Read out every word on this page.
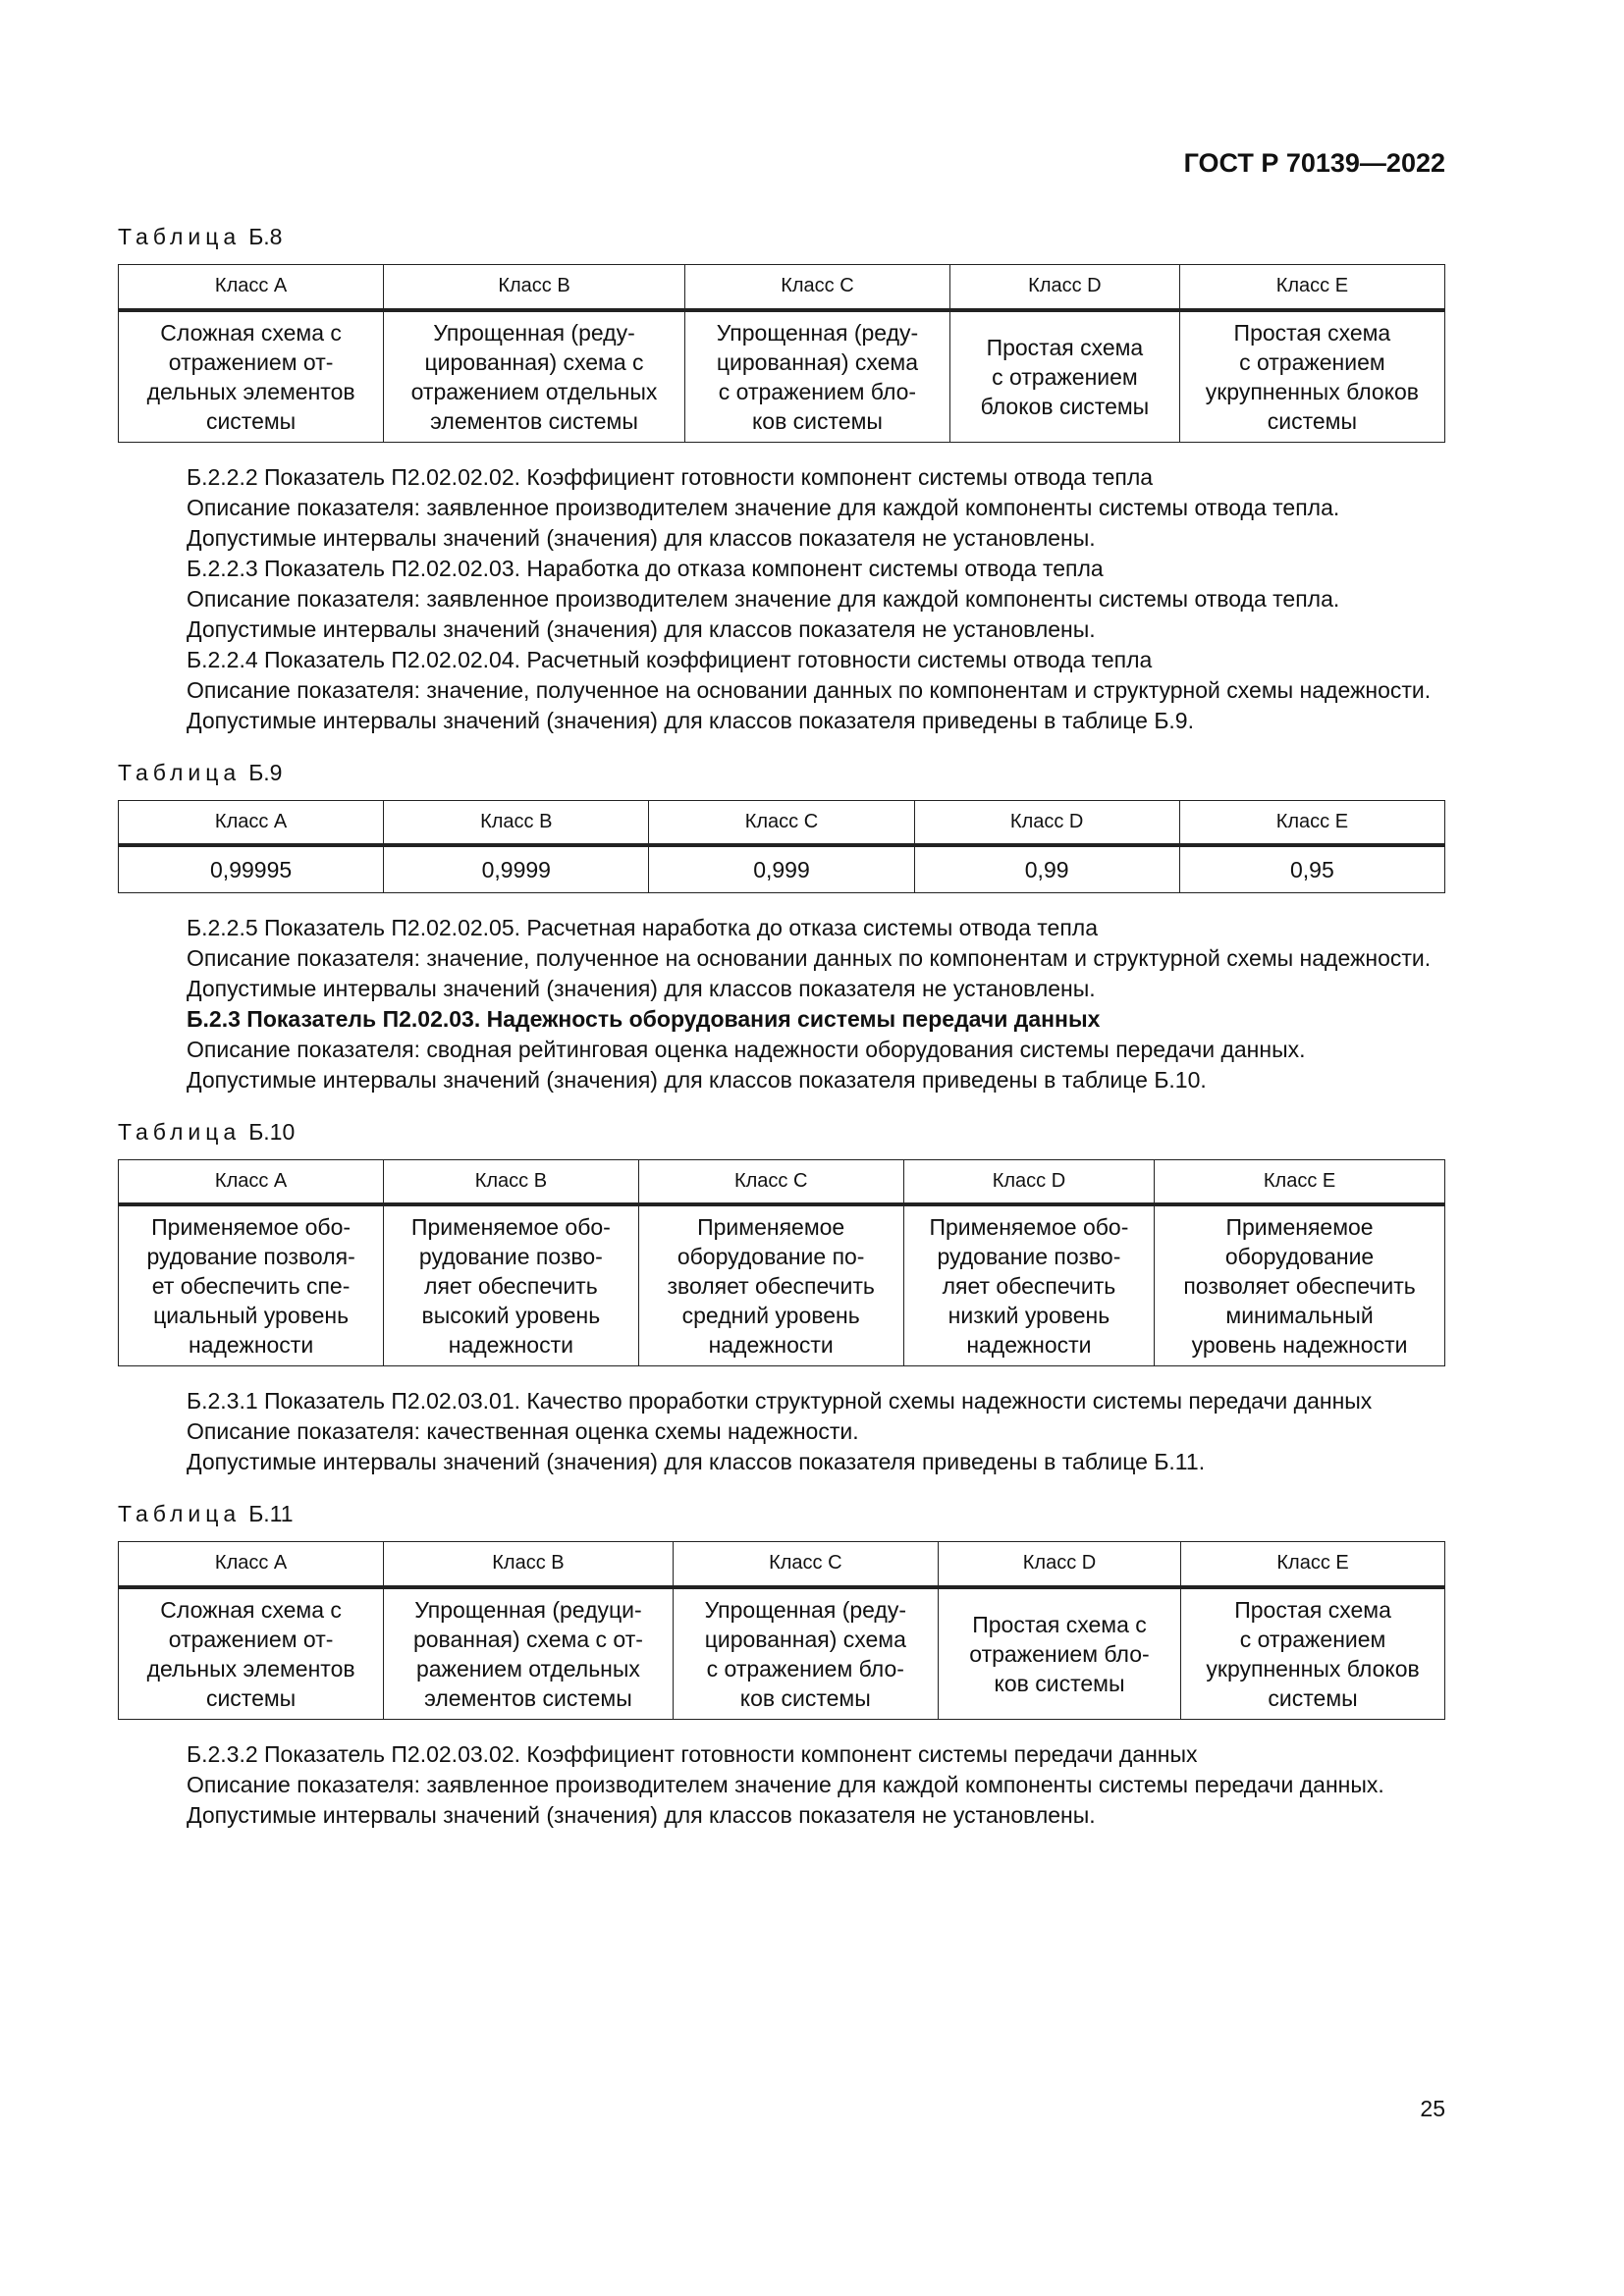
ГОСТ Р 70139—2022
Таблица Б.8
Класс A	Класс B	Класс C	Класс D	Класс E
Сложная схема с
отражением от-
дельных элементов
системы	Упрощенная (реду-
цированная) схема с
отражением отдельных
элементов системы	Упрощенная (реду-
цированная) схема
с отражением бло-
ков системы	Простая схема
с отражением
блоков системы	Простая схема
с отражением
укрупненных блоков
системы

Б.2.2.2 Показатель П2.02.02.02. Коэффициент готовности компонент системы отвода тепла

Описание показателя: заявленное производителем значение для каждой компоненты системы отвода тепла.

Допустимые интервалы значений (значения) для классов показателя не установлены.

Б.2.2.3 Показатель П2.02.02.03. Наработка до отказа компонент системы отвода тепла

Описание показателя: заявленное производителем значение для каждой компоненты системы отвода тепла.

Допустимые интервалы значений (значения) для классов показателя не установлены.

Б.2.2.4 Показатель П2.02.02.04. Расчетный коэффициент готовности системы отвода тепла

Описание показателя: значение, полученное на основании данных по компонентам и структурной схемы надежности.

Допустимые интервалы значений (значения) для классов показателя приведены в таблице Б.9.

Таблица Б.9
Класс A	Класс B	Класс C	Класс D	Класс E
0,99995	0,9999	0,999	0,99	0,95

Б.2.2.5 Показатель П2.02.02.05. Расчетная наработка до отказа системы отвода тепла

Описание показателя: значение, полученное на основании данных по компонентам и структурной схемы надежности.

Допустимые интервалы значений (значения) для классов показателя не установлены.

Б.2.3 Показатель П2.02.03. Надежность оборудования системы передачи данных

Описание показателя: сводная рейтинговая оценка надежности оборудования системы передачи данных.

Допустимые интервалы значений (значения) для классов показателя приведены в таблице Б.10.

Таблица Б.10
Класс A	Класс B	Класс C	Класс D	Класс E
Применяемое обо-
рудование позволя-
ет обеспечить спе-
циальный уровень
надежности	Применяемое обо-
рудование позво-
ляет обеспечить
высокий уровень
надежности	Применяемое
оборудование по-
зволяет обеспечить
средний уровень
надежности	Применяемое обо-
рудование позво-
ляет обеспечить
низкий уровень
надежности	Применяемое
оборудование
позволяет обеспечить
минимальный
уровень надежности

Б.2.3.1 Показатель П2.02.03.01. Качество проработки структурной схемы надежности системы передачи данных

Описание показателя: качественная оценка схемы надежности.

Допустимые интервалы значений (значения) для классов показателя приведены в таблице Б.11.

Таблица Б.11
Класс A	Класс B	Класс C	Класс D	Класс E
Сложная схема с
отражением от-
дельных элементов
системы	Упрощенная (редуци-
рованная) схема с от-
ражением отдельных
элементов системы	Упрощенная (реду-
цированная) схема
с отражением бло-
ков системы	Простая схема с
отражением бло-
ков системы	Простая схема
с отражением
укрупненных блоков
системы

Б.2.3.2 Показатель П2.02.03.02. Коэффициент готовности компонент системы передачи данных

Описание показателя: заявленное производителем значение для каждой компоненты системы передачи данных.

Допустимые интервалы значений (значения) для классов показателя не установлены.

25
